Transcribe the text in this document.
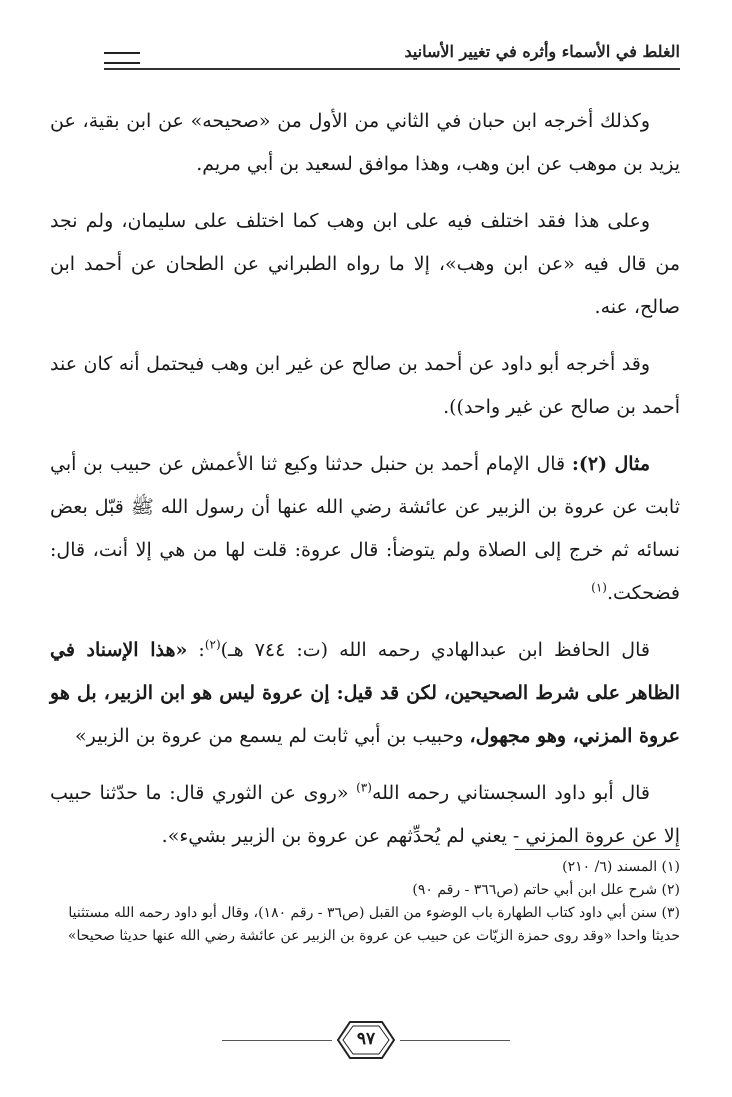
الغلط في الأسماء وأثره في تغيير الأسانيد

وكذلك أخرجه ابن حبان في الثاني من الأول من «صحيحه» عن ابن بقية، عن يزيد بن موهب عن ابن وهب، وهذا موافق لسعيد بن أبي مريم.

وعلى هذا فقد اختلف فيه على ابن وهب كما اختلف على سليمان، ولم نجد من قال فيه «عن ابن وهب»، إلا ما رواه الطبراني عن الطحان عن أحمد ابن صالح، عنه.

وقد أخرجه أبو داود عن أحمد بن صالح عن غير ابن وهب فيحتمل أنه كان عند أحمد بن صالح عن غير واحد)).

مثال (٢): قال الإمام أحمد بن حنبل حدثنا وكيع ثنا الأعمش عن حبيب بن أبي ثابت عن عروة بن الزبير عن عائشة رضي الله عنها أن رسول الله ﷺ قبّل بعض نسائه ثم خرج إلى الصلاة ولم يتوضأ: قال عروة: قلت لها من هي إلا أنت، قال: فضحكت.$^{(١)}$

قال الحافظ ابن عبدالهادي رحمه الله (ت: ٧٤٤ هـ)$^{(٢)}$: «هذا الإسناد في الظاهر على شرط الصحيحين، لكن قد قيل: إن عروة ليس هو ابن الزبير، بل هو عروة المزني، وهو مجهول، وحبيب بن أبي ثابت لم يسمع من عروة بن الزبير»

قال أبو داود السجستاني رحمه الله$^{(٣)}$ «روى عن الثوري قال: ما حدّثنا حبيب إلا عن عروة المزني - يعني لم يُحدِّثهم عن عروة بن الزبير بشيء».

(١) المسند (٦/ ٢١٠)

(٢) شرح علل ابن أبي حاتم (ص٣٦٦ - رقم ٩٠)

(٣) سنن أبي داود كتاب الطهارة باب الوضوء من القبل (ص٣٦ - رقم ١٨٠)، وقال أبو داود رحمه الله مستثنيا حديثا واحدا «وقد روى حمزة الزيّات عن حبيب عن عروة بن الزبير عن عائشة رضي الله عنها حديثا صحيحا»

٩٧
